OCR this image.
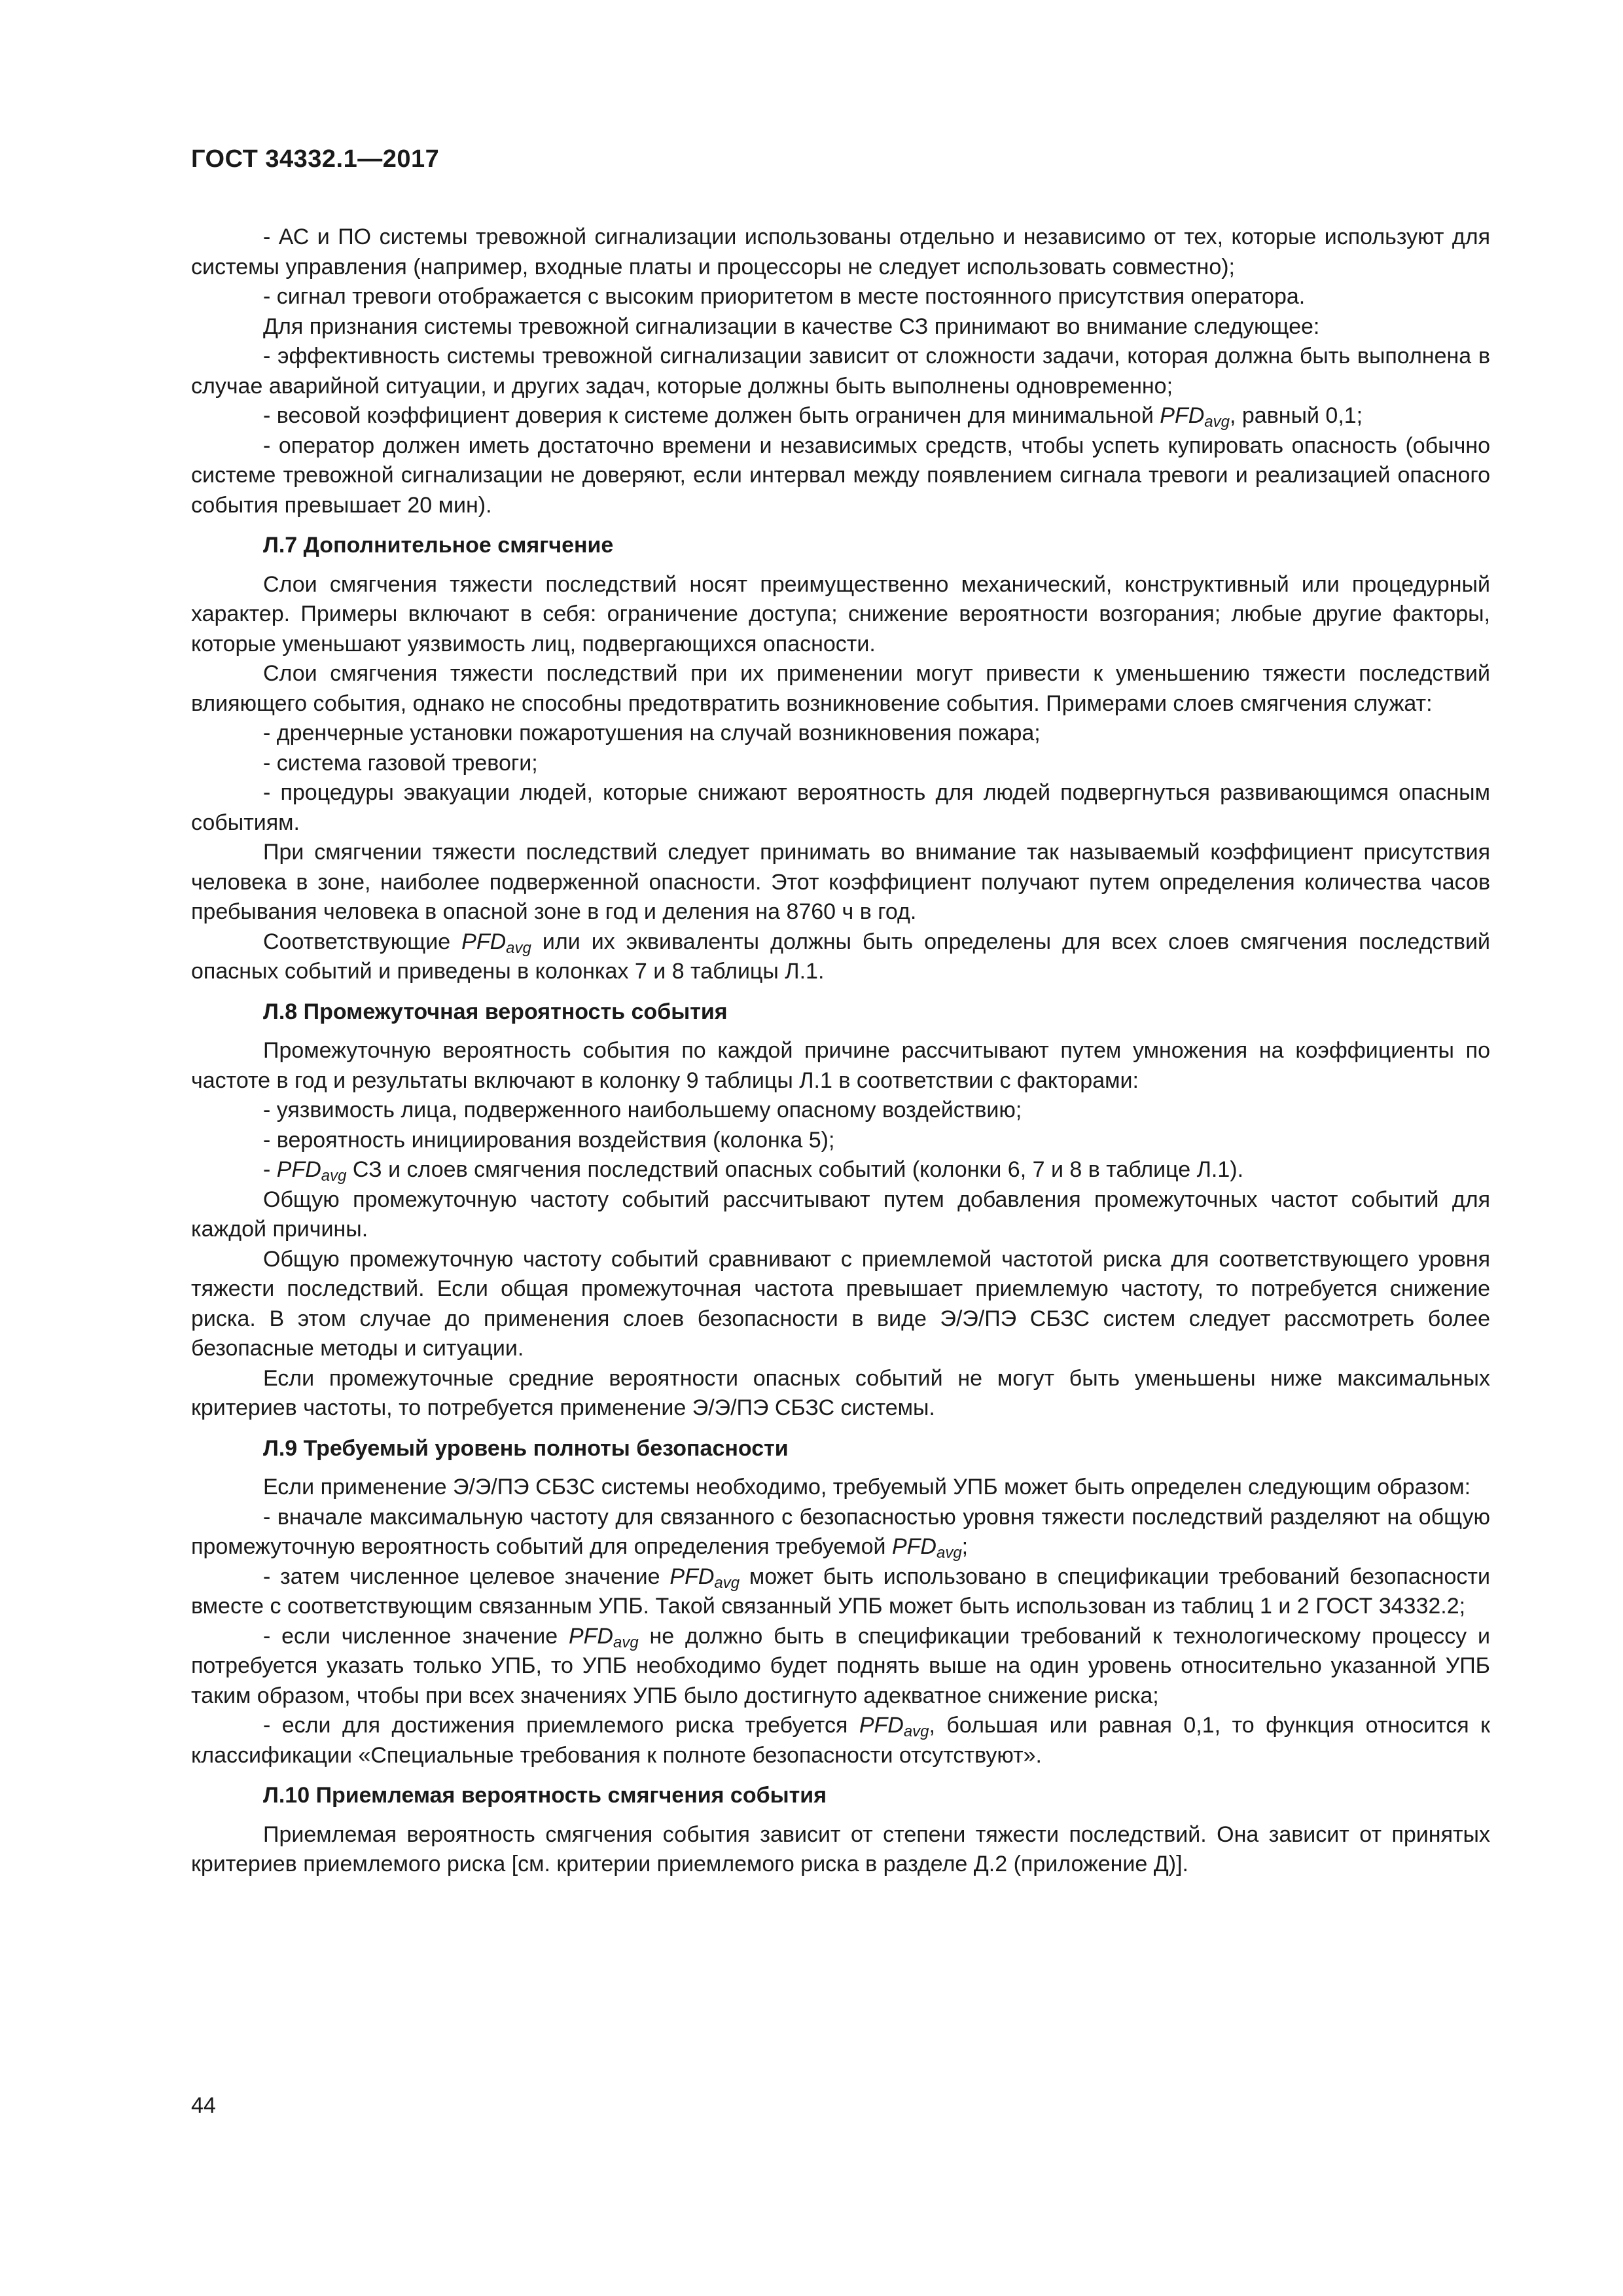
ГОСТ 34332.1—2017

- АС и ПО системы тревожной сигнализации использованы отдельно и независимо от тех, которые используют для системы управления (например, входные платы и процессоры не следует использовать совместно);

- сигнал тревоги отображается с высоким приоритетом в месте постоянного присутствия оператора.

Для признания системы тревожной сигнализации в качестве СЗ принимают во внимание следующее:

- эффективность системы тревожной сигнализации зависит от сложности задачи, которая должна быть выполнена в случае аварийной ситуации, и других задач, которые должны быть выполнены одновременно;

- весовой коэффициент доверия к системе должен быть ограничен для минимальной $PFD_{avg}$, равный 0,1;

- оператор должен иметь достаточно времени и независимых средств, чтобы успеть купировать опасность (обычно системе тревожной сигнализации не доверяют, если интервал между появлением сигнала тревоги и реализацией опасного события превышает 20 мин).

Л.7 Дополнительное смягчение

Слои смягчения тяжести последствий носят преимущественно механический, конструктивный или процедурный характер. Примеры включают в себя: ограничение доступа; снижение вероятности возгорания; любые другие факторы, которые уменьшают уязвимость лиц, подвергающихся опасности.

Слои смягчения тяжести последствий при их применении могут привести к уменьшению тяжести последствий влияющего события, однако не способны предотвратить возникновение события. Примерами слоев смягчения служат:

- дренчерные установки пожаротушения на случай возникновения пожара;

- система газовой тревоги;

- процедуры эвакуации людей, которые снижают вероятность для людей подвергнуться развивающимся опасным событиям.

При смягчении тяжести последствий следует принимать во внимание так называемый коэффициент присутствия человека в зоне, наиболее подверженной опасности. Этот коэффициент получают путем определения количества часов пребывания человека в опасной зоне в год и деления на 8760 ч в год.

Соответствующие $PFD_{avg}$ или их эквиваленты должны быть определены для всех слоев смягчения последствий опасных событий и приведены в колонках 7 и 8 таблицы Л.1.

Л.8 Промежуточная вероятность события

Промежуточную вероятность события по каждой причине рассчитывают путем умножения на коэффициенты по частоте в год и результаты включают в колонку 9 таблицы Л.1 в соответствии с факторами:

- уязвимость лица, подверженного наибольшему опасному воздействию;

- вероятность инициирования воздействия (колонка 5);

- $PFD_{avg}$ СЗ и слоев смягчения последствий опасных событий (колонки 6, 7 и 8 в таблице Л.1).

Общую промежуточную частоту событий рассчитывают путем добавления промежуточных частот событий для каждой причины.

Общую промежуточную частоту событий сравнивают с приемлемой частотой риска для соответствующего уровня тяжести последствий. Если общая промежуточная частота превышает приемлемую частоту, то потребуется снижение риска. В этом случае до применения слоев безопасности в виде Э/Э/ПЭ СБЗС систем следует рассмотреть более безопасные методы и ситуации.

Если промежуточные средние вероятности опасных событий не могут быть уменьшены ниже максимальных критериев частоты, то потребуется применение Э/Э/ПЭ СБЗС системы.

Л.9 Требуемый уровень полноты безопасности

Если применение Э/Э/ПЭ СБЗС системы необходимо, требуемый УПБ может быть определен следующим образом:

- вначале максимальную частоту для связанного с безопасностью уровня тяжести последствий разделяют на общую промежуточную вероятность событий для определения требуемой $PFD_{avg}$;

- затем численное целевое значение $PFD_{avg}$ может быть использовано в спецификации требований безопасности вместе с соответствующим связанным УПБ. Такой связанный УПБ может быть использован из таблиц 1 и 2 ГОСТ 34332.2;

- если численное значение $PFD_{avg}$ не должно быть в спецификации требований к технологическому процессу и потребуется указать только УПБ, то УПБ необходимо будет поднять выше на один уровень относительно указанной УПБ таким образом, чтобы при всех значениях УПБ было достигнуто адекватное снижение риска;

- если для достижения приемлемого риска требуется $PFD_{avg}$, большая или равная 0,1, то функция относится к классификации «Специальные требования к полноте безопасности отсутствуют».

Л.10 Приемлемая вероятность смягчения события

Приемлемая вероятность смягчения события зависит от степени тяжести последствий. Она зависит от принятых критериев приемлемого риска [см. критерии приемлемого риска в разделе Д.2 (приложение Д)].

44
